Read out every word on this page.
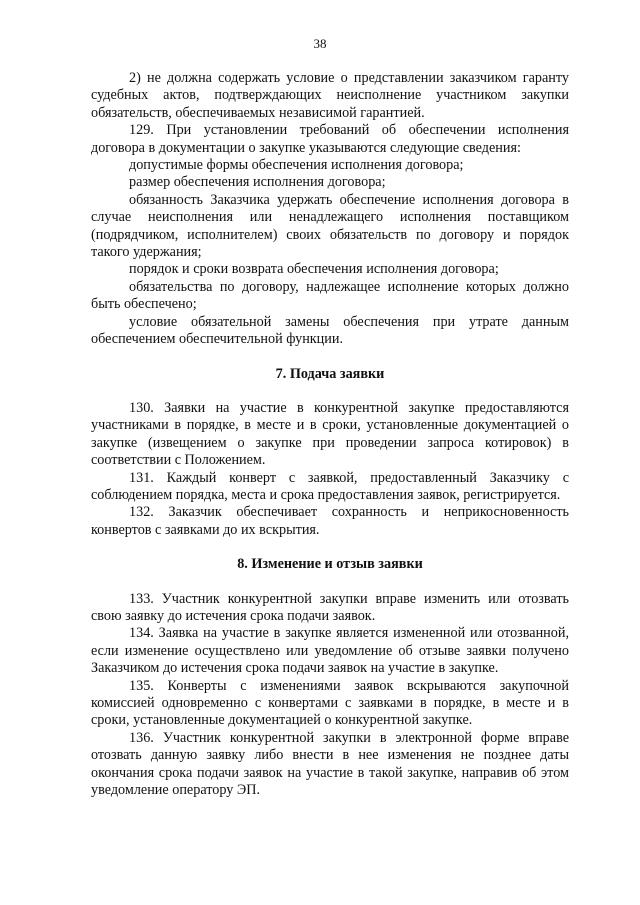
38

2) не должна содержать условие о представлении заказчиком гаранту судебных актов, подтверждающих неисполнение участником закупки обязательств, обеспечиваемых независимой гарантией.

129. При установлении требований об обеспечении исполнения договора в документации о закупке указываются следующие сведения:

допустимые формы обеспечения исполнения договора;

размер обеспечения исполнения договора;

обязанность Заказчика удержать обеспечение исполнения договора в случае неисполнения или ненадлежащего исполнения поставщиком (подрядчиком, исполнителем) своих обязательств по договору и порядок такого удержания;

порядок и сроки возврата обеспечения исполнения договора;

обязательства по договору, надлежащее исполнение которых должно быть обеспечено;

условие обязательной замены обеспечения при утрате данным обеспечением обеспечительной функции.

7. Подача заявки

130. Заявки на участие в конкурентной закупке предоставляются участниками в порядке, в месте и в сроки, установленные документацией о закупке (извещением о закупке при проведении запроса котировок) в соответствии с Положением.

131. Каждый конверт с заявкой, предоставленный Заказчику с соблюдением порядка, места и срока предоставления заявок, регистрируется.

132. Заказчик обеспечивает сохранность и неприкосновенность конвертов с заявками до их вскрытия.

8. Изменение и отзыв заявки

133. Участник конкурентной закупки вправе изменить или отозвать свою заявку до истечения срока подачи заявок.

134. Заявка на участие в закупке является измененной или отозванной, если изменение осуществлено или уведомление об отзыве заявки получено Заказчиком до истечения срока подачи заявок на участие в закупке.

135. Конверты с изменениями заявок вскрываются закупочной комиссией одновременно с конвертами с заявками в порядке, в месте и в сроки, установленные документацией о конкурентной закупке.

136. Участник конкурентной закупки в электронной форме вправе отозвать данную заявку либо внести в нее изменения не позднее даты окончания срока подачи заявок на участие в такой закупке, направив об этом уведомление оператору ЭП.
